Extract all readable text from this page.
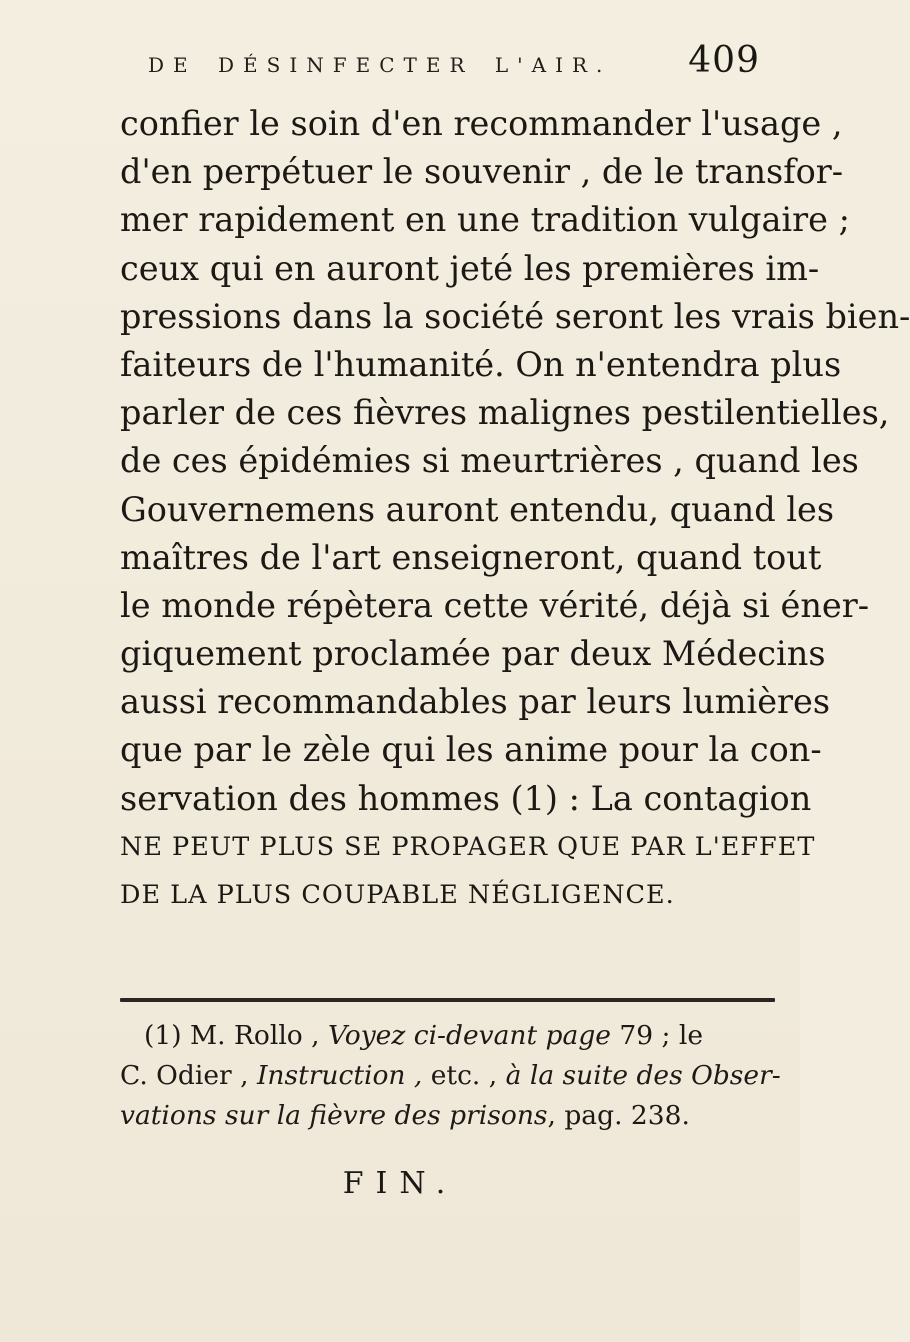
DE DÉSINFECTER L'AIR. 409
confier le soin d'en recommander l'usage ,
d'en perpétuer le souvenir , de le transfor-
mer rapidement en une tradition vulgaire ;
ceux qui en auront jeté les premières im-
pressions dans la société seront les vrais bien-
faiteurs de l'humanité. On n'entendra plus
parler de ces fièvres malignes pestilentielles,
de ces épidémies si meurtrières , quand les
Gouvernemens auront entendu, quand les
maîtres de l'art enseigneront, quand tout
le monde répètera cette vérité, déjà si éner-
giquement proclamée par deux Médecins
aussi recommandables par leurs lumières
que par le zèle qui les anime pour la con-
servation des hommes (1) : La contagion
NE PEUT PLUS SE PROPAGER QUE PAR L'EFFET
DE LA PLUS COUPABLE NÉGLIGENCE.
(1) M. Rollo , Voyez ci-devant page 79 ; le
C. Odier , Instruction , etc. , à la suite des Obser-
vations sur la fièvre des prisons, pag. 238.
FIN.
